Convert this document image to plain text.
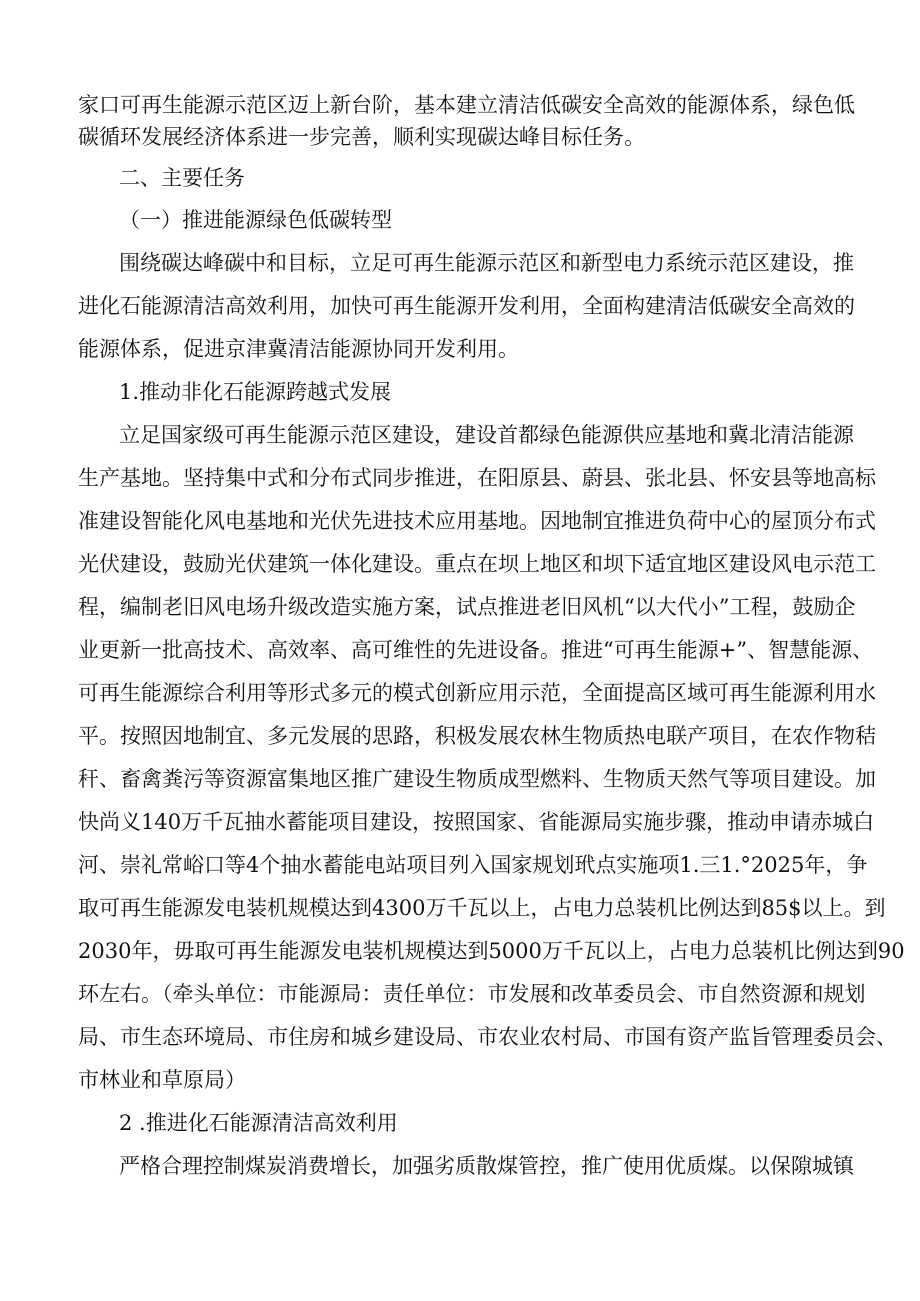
家口可再生能源示范区迈上新台阶，基本建立清洁低碳安全高效的能源体系，绿色低
碳循环发展经济体系进一步完善，顺利实现碳达峰目标任务。
二、主要任务
（一）推进能源绿色低碳转型
围绕碳达峰碳中和目标，立足可再生能源示范区和新型电力系统示范区建设，推
进化石能源清洁高效利用，加快可再生能源开发利用，全面构建清洁低碳安全高效的
能源体系，促进京津冀清洁能源协同开发利用。
1.推动非化石能源跨越式发展
立足国家级可再生能源示范区建设，建设首都绿色能源供应基地和冀北清洁能源
生产基地。坚持集中式和分布式同步推进，在阳原县、蔚县、张北县、怀安县等地高标
准建设智能化风电基地和光伏先进技术应用基地。因地制宜推进负荷中心的屋顶分布式
光伏建设，鼓励光伏建筑一体化建设。重点在坝上地区和坝下适宜地区建设风电示范工
程，编制老旧风电场升级改造实施方案，试点推进老旧风机“以大代小”工程，鼓励企
业更新一批高技术、高效率、高可维性的先进设备。推进“可再生能源+”、智慧能源、
可再生能源综合利用等形式多元的模式创新应用示范，全面提高区域可再生能源利用水
平。按照因地制宜、多元发展的思路，积极发展农林生物质热电联产项目，在农作物秸
秆、畜禽粪污等资源富集地区推广建设生物质成型燃料、生物质天然气等项目建设。加
快尚义140万千瓦抽水蓄能项目建设，按照国家、省能源局实施步骤，推动申请赤城白
河、崇礼常峪口等4个抽水蓄能电站项目列入国家规划玳点实施项1.三1.°2025年，争
取可再生能源发电装机规模达到4300万千瓦以上，占电力总装机比例达到85$以上。到
2030年，毋取可再生能源发电装机规模达到5000万千瓦以上，占电力总装机比例达到90
环左右。（牵头单位：市能源局：责任单位：市发展和改革委员会、市自然资源和规划
局、市生态环境局、市住房和城乡建设局、市农业农村局、市国有资产监旨管理委员会、
市林业和草原局）
2 .推进化石能源清洁高效利用
严格合理控制煤炭消费增长，加强劣质散煤管控，推广使用优质煤。以保隙城镇
